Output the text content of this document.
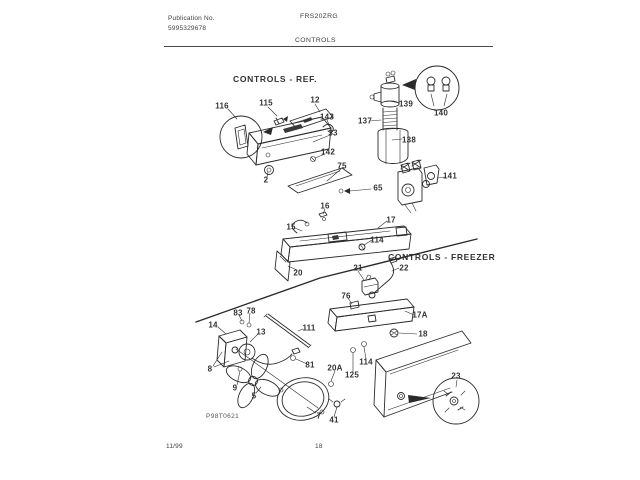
Publication No.
5995329678
FRS20ZRG
CONTROLS
CONTROLS - REF.
CONTROLS - FREEZER
116	115	12
143
33
142
2
139
140
137
138
75
65
141
16
15
17
114
20
21	22
76
17A
18
14
83 78
13	111
81
8
9
5
7 41
20A
125
114
23
P98T0621
11/99	18
